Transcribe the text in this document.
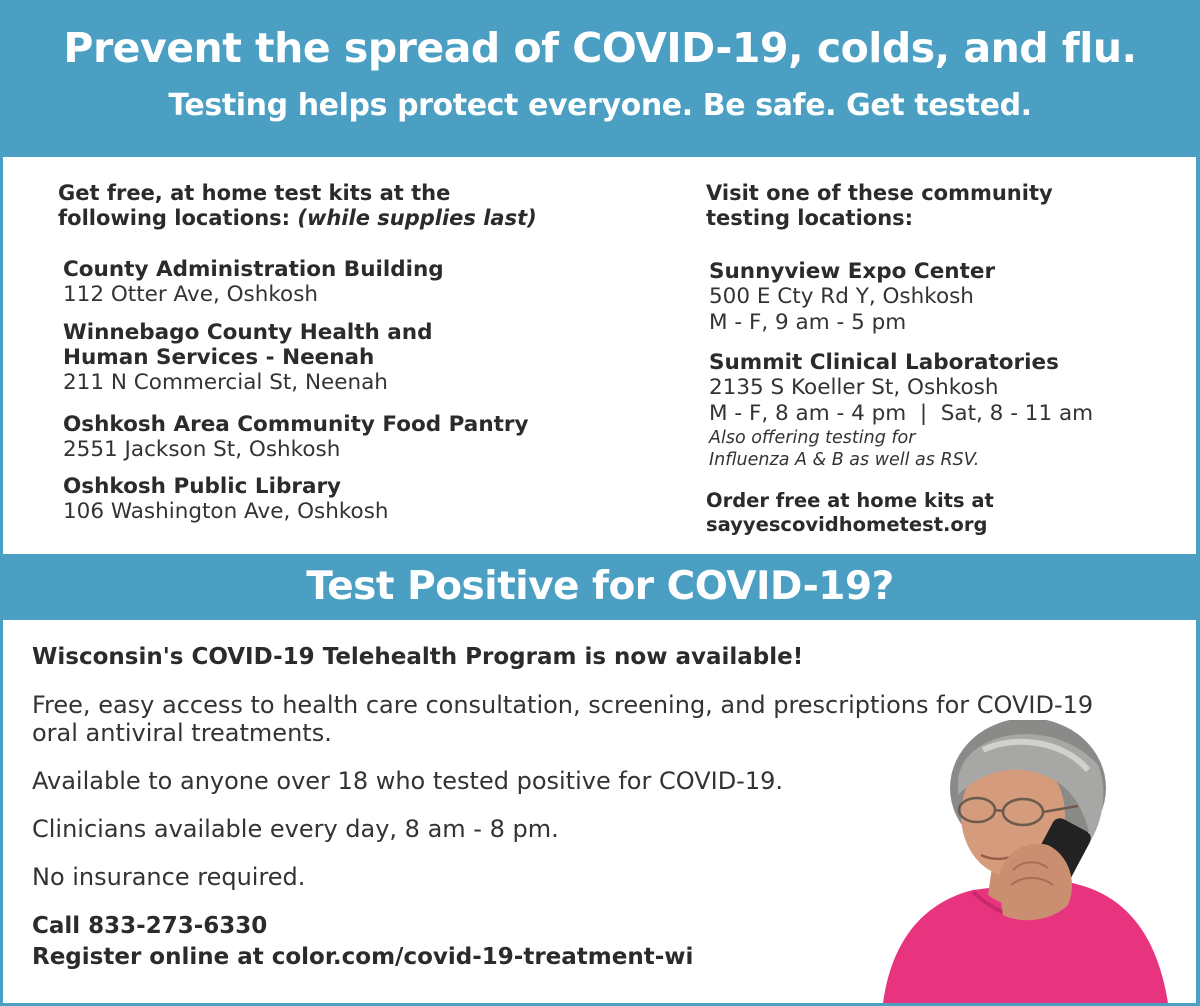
Prevent the spread of COVID-19, colds, and flu.
Testing helps protect everyone. Be safe. Get tested.

Get free, at home test kits at the
following locations: (while supplies last)

County Administration Building
112 Otter Ave, Oshkosh
Winnebago County Health and
Human Services - Neenah
211 N Commercial St, Neenah
Oshkosh Area Community Food Pantry
2551 Jackson St, Oshkosh
Oshkosh Public Library
106 Washington Ave, Oshkosh

Visit one of these community
testing locations:

Sunnyview Expo Center
500 E Cty Rd Y, Oshkosh
M - F, 9 am - 5 pm
Summit Clinical Laboratories
2135 S Koeller St, Oshkosh
M - F, 8 am - 4 pm  |  Sat, 8 - 11 am
Also offering testing for
Influenza A & B as well as RSV.
Order free at home kits at
sayyescovidhometest.org
Test Positive for COVID-19?
Wisconsin's COVID-19 Telehealth Program is now available!
Free, easy access to health care consultation, screening, and prescriptions for COVID-19 oral antiviral treatments.
Available to anyone over 18 who tested positive for COVID-19.
Clinicians available every day, 8 am - 8 pm.
No insurance required.
Call 833-273-6330
Register online at color.com/covid-19-treatment-wi
